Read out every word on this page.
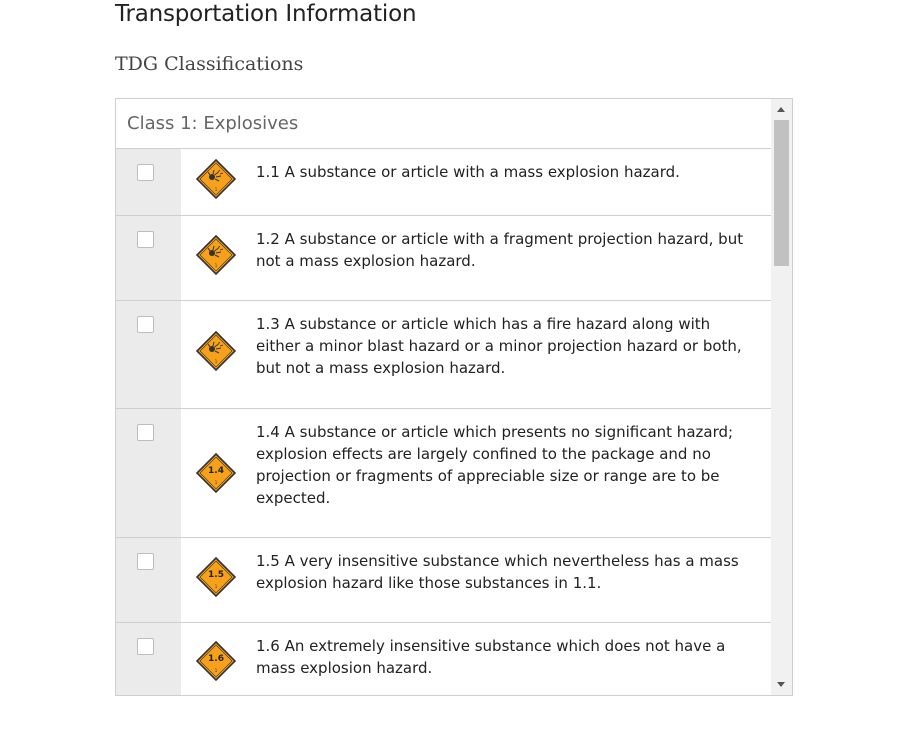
Transportation Information
TDG Classifications
Class 1: Explosives
1
1.1 A substance or article with a mass explosion hazard.
1
1.2 A substance or article with a fragment projection hazard, but not a mass explosion hazard.
1
1.3 A substance or article which has a fire hazard along with either a minor blast hazard or a minor projection hazard or both, but not a mass explosion hazard.
1.4
1
1.4 A substance or article which presents no significant hazard; explosion effects are largely confined to the package and no projection or fragments of appreciable size or range are to be expected.
1.5
1
1.5 A very insensitive substance which nevertheless has a mass explosion hazard like those substances in 1.1.
1.6
1
1.6 An extremely insensitive substance which does not have a mass explosion hazard.
